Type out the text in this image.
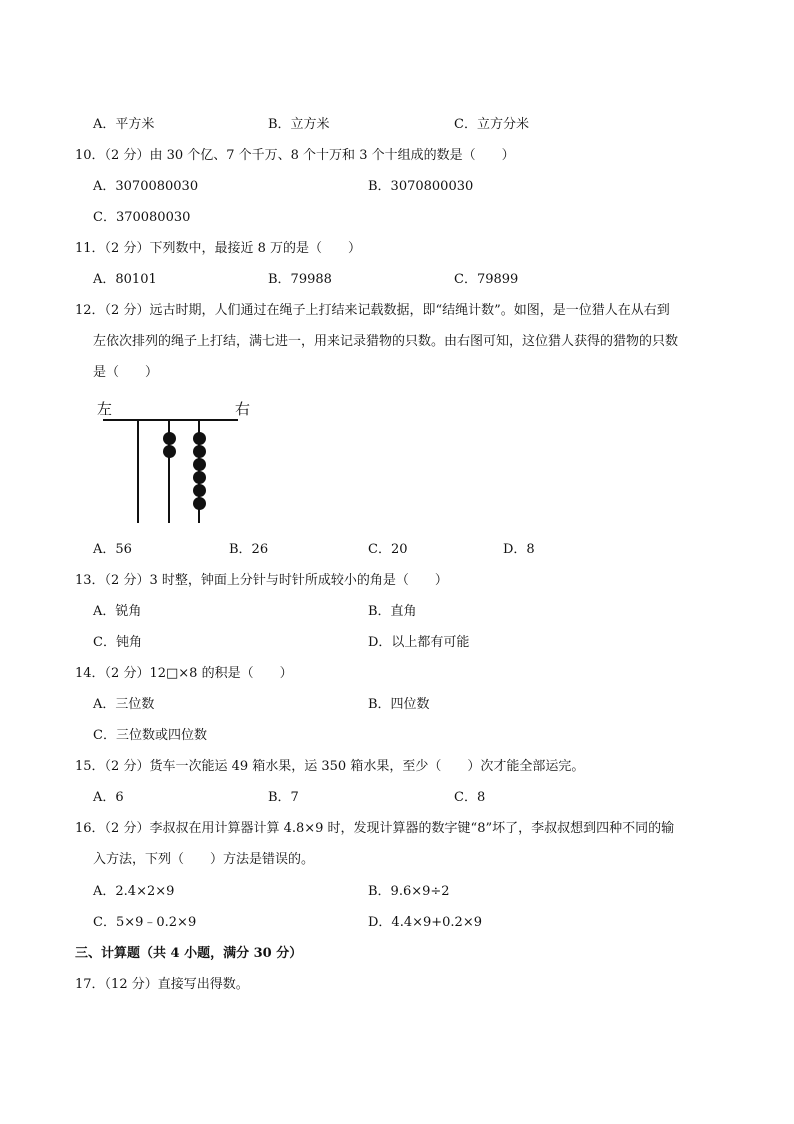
A．平方米	B．立方米	C．立方分米
10．（2 分）由 30 个亿、7 个千万、8 个十万和 3 个十组成的数是（　　）
A．3070080030	B．3070800030
C．370080030
11．（2 分）下列数中，最接近 8 万的是（　　）
A．80101	B．79988	C．79899
12．（2 分）远古时期，人们通过在绳子上打结来记载数据，即“结绳计数”。如图，是一位猎人在从右到
左依次排列的绳子上打结，满七进一，用来记录猎物的只数。由右图可知，这位猎人获得的猎物的只数
是（　　）
左	右
A．56	B．26	C．20	D．8
13．（2 分）3 时整，钟面上分针与时针所成较小的角是（　　）
A．锐角	B．直角
C．钝角	D．以上都有可能
14．（2 分）12□×8 的积是（　　）
A．三位数	B．四位数
C．三位数或四位数
15．（2 分）货车一次能运 49 箱水果，运 350 箱水果，至少（　　）次才能全部运完。
A．6	B．7	C．8
16．（2 分）李叔叔在用计算器计算 4.8×9 时，发现计算器的数字键“8”坏了，李叔叔想到四种不同的输
入方法，下列（　　）方法是错误的。
A．2.4×2×9	B．9.6×9÷2
C．5×9﹣0.2×9	D．4.4×9+0.2×9
三、计算题（共 4 小题，满分 30 分）
17．（12 分）直接写出得数。
